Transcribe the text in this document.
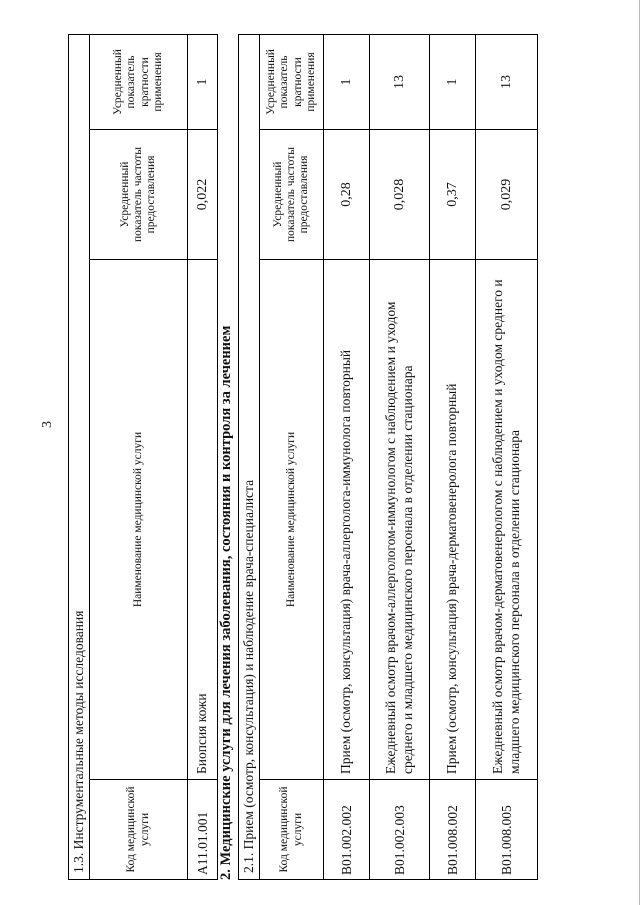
3
1.3. Инструментальные методы исследования			
Код медицинской услуги	Наименование медицинской услуги	Усредненный показатель частоты предоставления	Усредненный показатель кратности применения
A11.01.001	Биопсия кожи	0,022	1
2. Медицинские услуги для лечения заболевания, состояния и контроля за лечением 2.1. Прием (осмотр, консультация) и наблюдение врача-специалиста			
Код медицинской услуги	Наименование медицинской услуги	Усредненный показатель частоты предоставления	Усредненный показатель кратности применения
B01.002.002	Прием (осмотр, консультация) врача-аллерголога-иммунолога повторный	0,28	1
B01.002.003	Ежедневный осмотр врачом-аллергологом-иммунологом с наблюдением и уходом среднего и младшего медицинского персонала в отделении стационара	0,028	13
B01.008.002	Прием (осмотр, консультация) врача-дерматовенеролога повторный	0,37	1
B01.008.005	Ежедневный осмотр врачом-дерматовенерологом с наблюдением и уходом среднего и младшего медицинского персонала в отделении стационара	0,029	13
